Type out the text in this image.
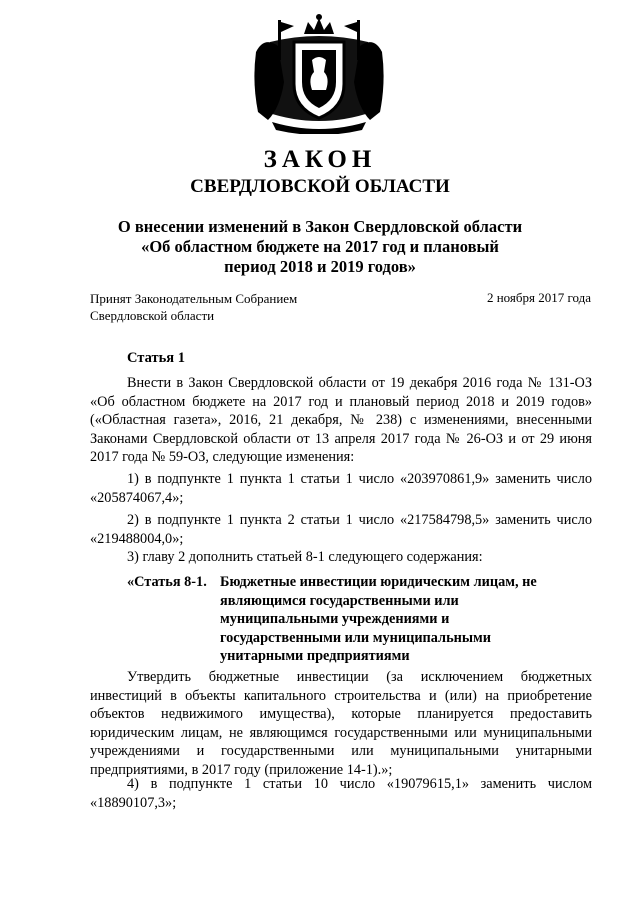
ЗАКОН
СВЕРДЛОВСКОЙ ОБЛАСТИ
О внесении изменений в Закон Свердловской области
«Об областном бюджете на 2017 год и плановый
период 2018 и 2019 годов»
Принят Законодательным Собранием
Свердловской области
2 ноября 2017 года
Статья 1

Внести в Закон Свердловской области от 19 декабря 2016 года № 131-ОЗ «Об областном бюджете на 2017 год и плановый период 2018 и 2019 годов» («Областная газета», 2016, 21 декабря, № 238) с изменениями, внесенными Законами Свердловской области от 13 апреля 2017 года № 26-ОЗ и от 29 июня 2017 года № 59-ОЗ, следующие изменения:

1) в подпункте 1 пункта 1 статьи 1 число «203970861,9» заменить число «205874067,4»;

2) в подпункте 1 пункта 2 статьи 1 число «217584798,5» заменить число «219488004,0»;

3) главу 2 дополнить статьей 8-1 следующего содержания:

«Статья 8-1. Бюджетные инвестиции юридическим лицам, не являющимся государственными или муниципальными учреждениями и государственными или муниципальными унитарными предприятиями

Утвердить бюджетные инвестиции (за исключением бюджетных инвестиций в объекты капитального строительства и (или) на приобретение объектов недвижимого имущества), которые планируется предоставить юридическим лицам, не являющимся государственными или муниципальными учреждениями и государственными или муниципальными унитарными предприятиями, в 2017 году (приложение 14-1).»;

4) в подпункте 1 статьи 10 число «19079615,1» заменить числом «18890107,3»;
